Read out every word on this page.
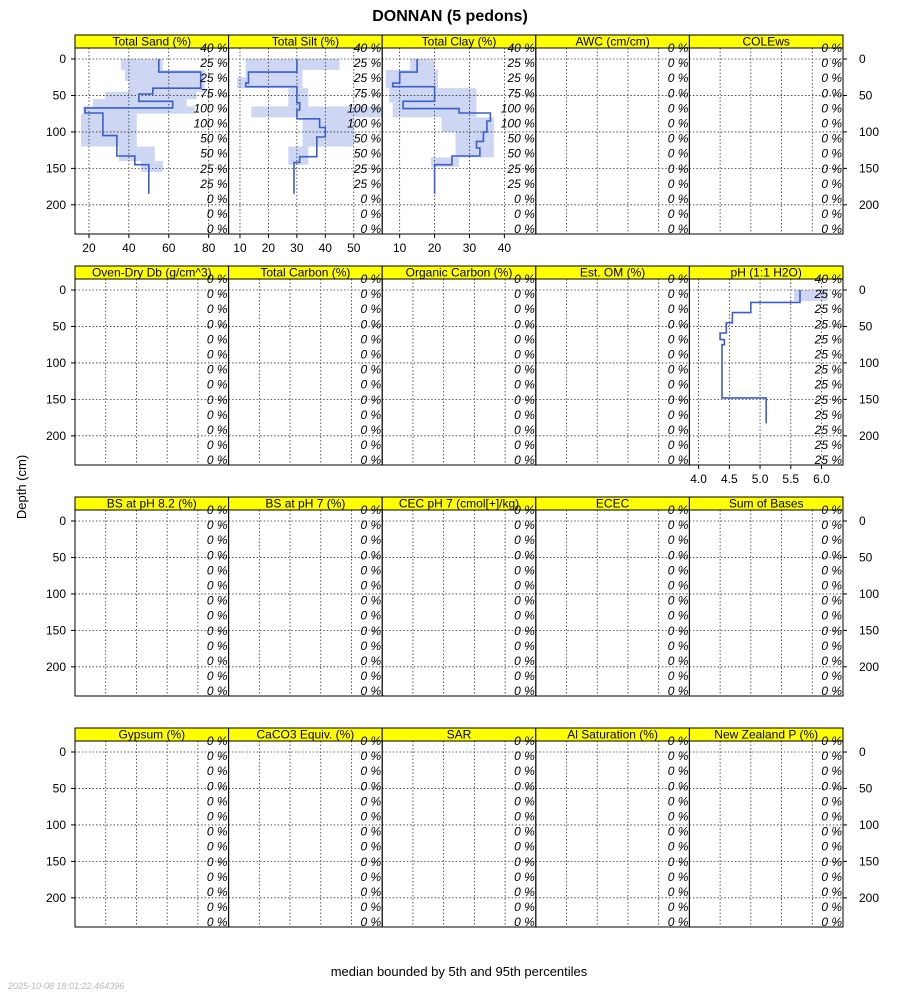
DONNAN (5 pedons)
Depth (cm)
Total Sand (%) 40 %
25 %
25 %
75 %
100 %
100 %
50 %
50 %
25 %
25 %
0 %
0 %
0 %
20 40 60 80
Total Silt (%) 40 %
25 %
25 %
75 %
100 %
100 %
50 %
50 %
25 %
25 %
0 %
0 %
0 %
10 20 30 40 50
Total Clay (%) 40 %
25 %
25 %
75 %
100 %
100 %
50 %
50 %
25 %
25 %
0 %
0 %
0 %
10 20 30 40
AWC (cm/cm) 0 %
0 %
0 %
0 %
0 %
0 %
0 %
0 %
0 %
0 %
0 %
0 %
0 %
COLEws	0 %
0 %
0 %
0 %
0 %
0 %
0 %
0 %
0 %
0 %
0 %
0 %
0 %
0	0
50	50
100	100
150	150
200	200
Oven-Dry Db (g/cm^3)
0 %
0 %
0 %
0 %
0 %
0 %
0 %
0 %
0 %
0 %
0 %
0 %
0 %
Total Carbon (%) 0 %
0 %
0 %
0 %
0 %
0 %
0 %
0 %
0 %
0 %
0 %
0 %
0 %
Organic Carbon (%) 0 %
0 %
0 %
0 %
0 %
0 %
0 %
0 %
0 %
0 %
0 %
0 %
0 %
Est. OM (%) 0 %
0 %
0 %
0 %
0 %
0 %
0 %
0 %
0 %
0 %
0 %
0 %
0 %
pH (1:1 H2O) 40 %
25 %
25 %
25 %
25 %
25 %
25 %
25 %
25 %
25 %
25 %
25 %
25 %
4.0 4.5 5.0 5.5 6.0
0	0
50	50
100	100
150	150
200	200
BS at pH 8.2 (%) 0 %
0 %
0 %
0 %
0 %
0 %
0 %
0 %
0 %
0 %
0 %
0 %
0 %
BS at pH 7 (%) 0 %
0 %
0 %
0 %
0 %
0 %
0 %
0 %
0 %
0 %
0 %
0 %
0 %
CEC pH 7 (cmol[+]/kg)
0 %
0 %
0 %
0 %
0 %
0 %
0 %
0 %
0 %
0 %
0 %
0 %
0 %
ECEC	0 %
0 %
0 %
0 %
0 %
0 %
0 %
0 %
0 %
0 %
0 %
0 %
0 %
Sum of Bases 0 %
0 %
0 %
0 %
0 %
0 %
0 %
0 %
0 %
0 %
0 %
0 %
0 %
0	0
50	50
100	100
150	150
200	200
Gypsum (%) 0 %
0 %
0 %
0 %
0 %
0 %
0 %
0 %
0 %
0 %
0 %
0 %
0 %
CaCO3 Equiv. (%) 0 %
0 %
0 %
0 %
0 %
0 %
0 %
0 %
0 %
0 %
0 %
0 %
0 %
SAR	0 %
0 %
0 %
0 %
0 %
0 %
0 %
0 %
0 %
0 %
0 %
0 %
0 %
Al Saturation (%) 0 %
0 %
0 %
0 %
0 %
0 %
0 %
0 %
0 %
0 %
0 %
0 %
0 %
New Zealand P (%) 0 %
0 %
0 %
0 %
0 %
0 %
0 %
0 %
0 %
0 %
0 %
0 %
0 %
0	0
50	50
100	100
150	150
200	200
median bounded by 5th and 95th percentiles
2025-10-08 18:01:22.464396
